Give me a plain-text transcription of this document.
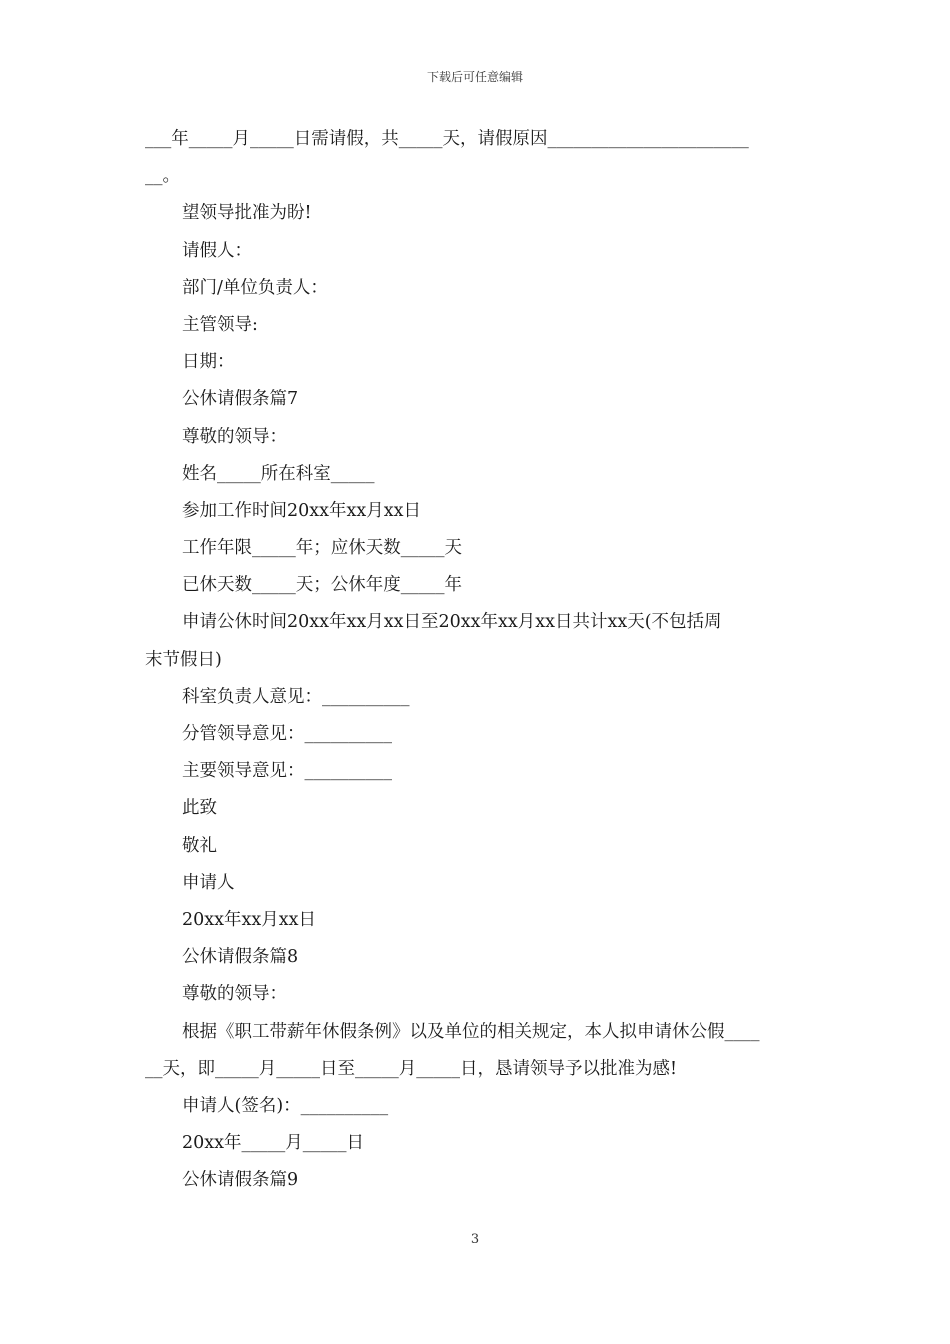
下载后可任意编辑
___年_____月_____日需请假，共_____天，请假原因_______________________
__。
望领导批准为盼!
请假人：
部门/单位负责人：
主管领导:
日期：
公休请假条篇7
尊敬的领导：
姓名_____所在科室_____
参加工作时间20xx年xx月xx日
工作年限_____年；应休天数_____天
已休天数_____天；公休年度_____年
申请公休时间20xx年xx月xx日至20xx年xx月xx日共计xx天(不包括周
末节假日)
科室负责人意见：__________
分管领导意见：__________
主要领导意见：__________
此致
敬礼
申请人
20xx年xx月xx日
公休请假条篇8
尊敬的领导：
根据《职工带薪年休假条例》以及单位的相关规定，本人拟申请休公假____
__天，即_____月_____日至_____月_____日，恳请领导予以批准为感!
申请人(签名)：__________
20xx年_____月_____日
公休请假条篇9
3
